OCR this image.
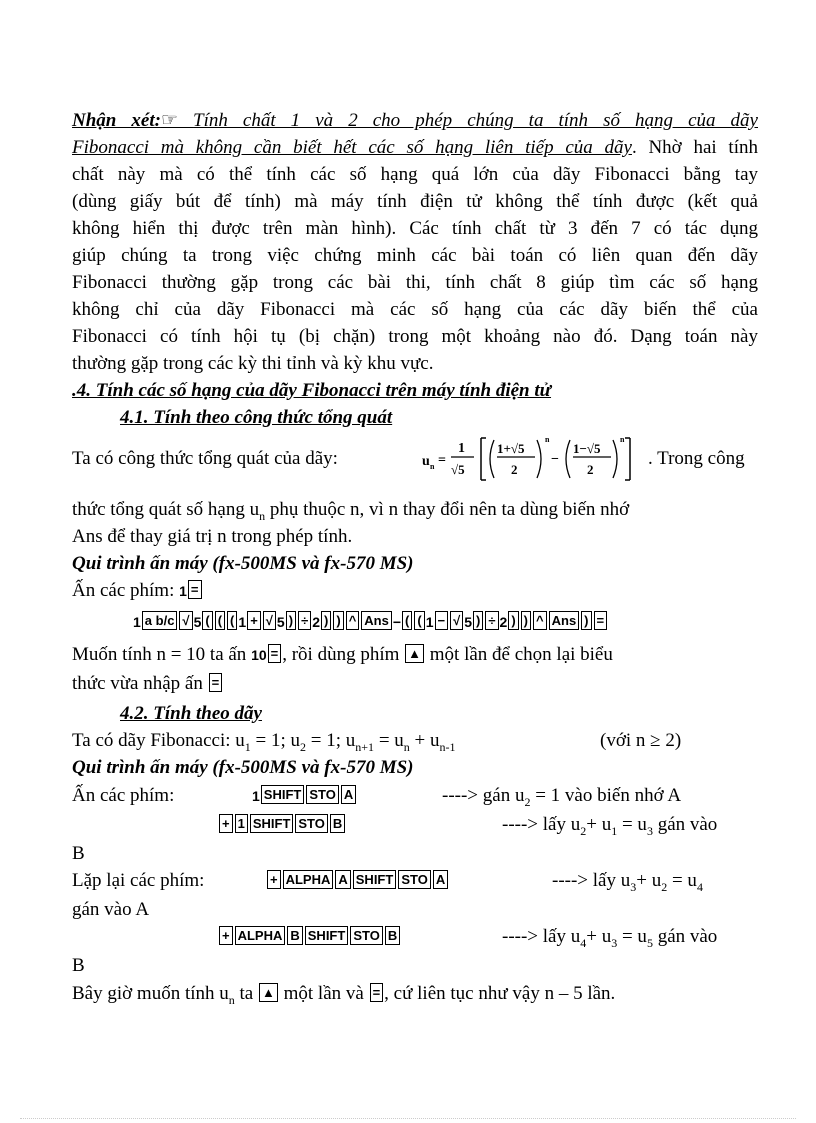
Nhận xét:☞ Tính chất 1 và 2 cho phép chúng ta tính số hạng của dãy
Fibonacci mà không cần biết hết các số hạng liên tiếp của dãy. Nhờ hai tính
chất này mà có thể tính các số hạng quá lớn của dãy Fibonacci bằng tay
(dùng giấy bút để tính) mà máy tính điện tử không thể tính được (kết quả
không hiển thị được trên màn hình). Các tính chất từ 3 đến 7 có tác dụng
giúp chúng ta trong việc chứng minh các bài toán có liên quan đến dãy
Fibonacci thường gặp trong các bài thi, tính chất 8 giúp tìm các số hạng
không chỉ của dãy Fibonacci mà các số hạng của các dãy biến thể của
Fibonacci có tính hội tụ (bị chặn) trong một khoảng nào đó. Dạng toán này
thường gặp trong các kỳ thi tỉnh và kỳ khu vực.
.4. Tính các số hạng của dãy Fibonacci trên máy tính điện tử
4.1. Tính theo công thức tổng quát
Ta có công thức tổng quát của dãy:	u n =
1
√5
1+√5
2
n
−
1−√5
2
n
. Trong công
thức tổng quát số hạng $u_n$ phụ thuộc n, vì n thay đổi nên ta dùng biến nhớ
Ans để thay giá trị n trong phép tính.
Qui trình ấn máy (fx-500MS và fx-570 MS)
Ấn các phím: 1 =
1 a b/c √ 5 ( ( ( 1 + √ 5 ) ÷ 2 ) ) ^ Ans − ( ( 1 − √ 5 ) ÷ 2 ) ) ^ Ans ) =
Muốn tính n = 10 ta ấn 10 = , rồi dùng phím ▲ một lần để chọn lại biểu
thức vừa nhập ấn =
4.2. Tính theo dãy
Ta có dãy Fibonacci: $u_1 = 1$; $u_2 = 1$; $u_{n+1} = u_n + u_{n-1}$	(với n ≥ 2)
Qui trình ấn máy (fx-500MS và fx-570 MS)
Ấn các phím:	1 SHIFT STO A	----> gán $u_2 = 1$ vào biến nhớ A
+ 1 SHIFT STO B	----> lấy $u_2+ u_1 = u_3$ gán vào
B
Lặp lại các phím:	+ ALPHA A SHIFT STO A	----> lấy $u_3+ u_2 = u_4$
gán vào A
+ ALPHA B SHIFT STO B	----> lấy $u_4+ u_3 = u_5$ gán vào
B
Bây giờ muốn tính $u_n$ ta ▲ một lần và = , cứ liên tục như vậy n – 5 lần.
